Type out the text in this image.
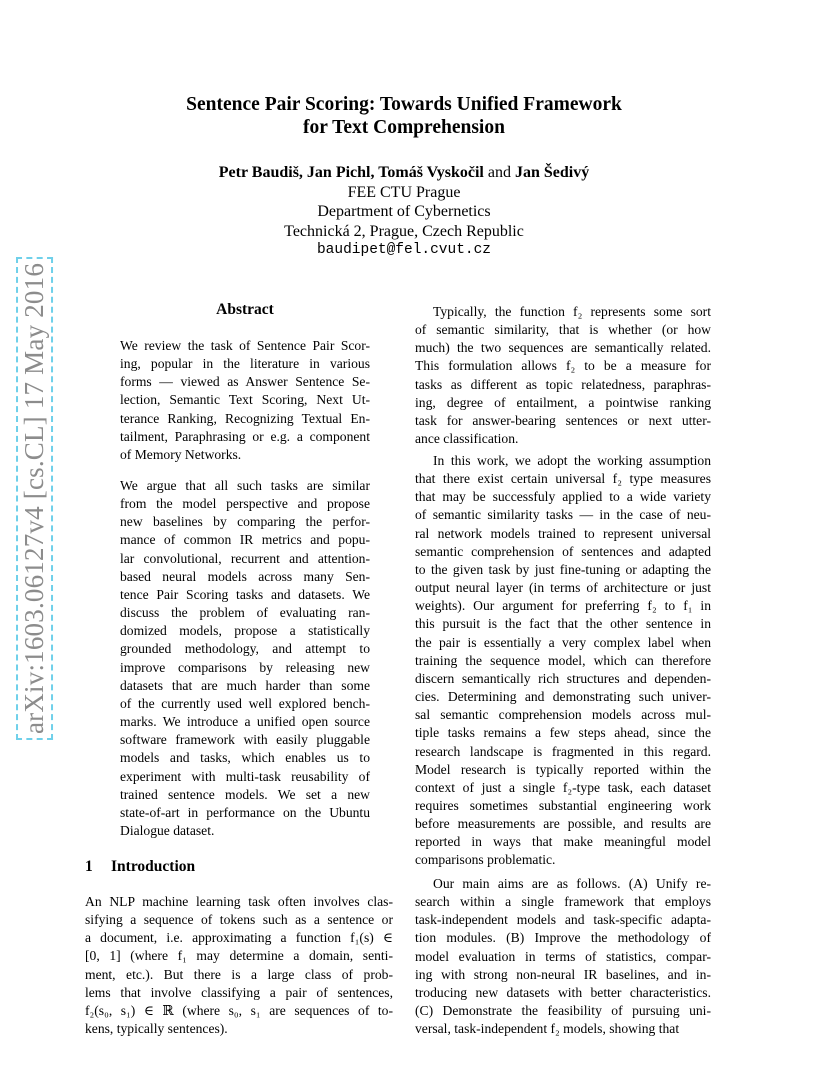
arXiv:1603.06127v4 [cs.CL] 17 May 2016
Sentence Pair Scoring: Towards Unified Framework
for Text Comprehension
Petr Baudiš, Jan Pichl, Tomáš Vyskočil and Jan Šedivý
FEE CTU Prague
Department of Cybernetics
Technická 2, Prague, Czech Republic
baudipet@fel.cvut.cz
Abstract
We review the task of Sentence Pair Scor-
ing, popular in the literature in various
forms — viewed as Answer Sentence Se-
lection, Semantic Text Scoring, Next Ut-
terance Ranking, Recognizing Textual En-
tailment, Paraphrasing or e.g. a component
of Memory Networks.
We argue that all such tasks are similar
from the model perspective and propose
new baselines by comparing the perfor-
mance of common IR metrics and popu-
lar convolutional, recurrent and attention-
based neural models across many Sen-
tence Pair Scoring tasks and datasets. We
discuss the problem of evaluating ran-
domized models, propose a statistically
grounded methodology, and attempt to
improve comparisons by releasing new
datasets that are much harder than some
of the currently used well explored bench-
marks. We introduce a unified open source
software framework with easily pluggable
models and tasks, which enables us to
experiment with multi-task reusability of
trained sentence models. We set a new
state-of-art in performance on the Ubuntu
Dialogue dataset.
1 Introduction
An NLP machine learning task often involves clas-
sifying a sequence of tokens such as a sentence or
a document, i.e. approximating a function f₁(s) ∈
[0, 1] (where f₁ may determine a domain, senti-
ment, etc.). But there is a large class of prob-
lems that involve classifying a pair of sentences,
f₂(s₀, s₁) ∈ ℝ (where s₀, s₁ are sequences of to-
kens, typically sentences).
Typically, the function f₂ represents some sort
of semantic similarity, that is whether (or how
much) the two sequences are semantically related.
This formulation allows f₂ to be a measure for
tasks as different as topic relatedness, paraphras-
ing, degree of entailment, a pointwise ranking
task for answer-bearing sentences or next utter-
ance classification.
In this work, we adopt the working assumption
that there exist certain universal f₂ type measures
that may be successfuly applied to a wide variety
of semantic similarity tasks — in the case of neu-
ral network models trained to represent universal
semantic comprehension of sentences and adapted
to the given task by just fine-tuning or adapting the
output neural layer (in terms of architecture or just
weights). Our argument for preferring f₂ to f₁ in
this pursuit is the fact that the other sentence in
the pair is essentially a very complex label when
training the sequence model, which can therefore
discern semantically rich structures and dependen-
cies. Determining and demonstrating such univer-
sal semantic comprehension models across mul-
tiple tasks remains a few steps ahead, since the
research landscape is fragmented in this regard.
Model research is typically reported within the
context of just a single f₂-type task, each dataset
requires sometimes substantial engineering work
before measurements are possible, and results are
reported in ways that make meaningful model
comparisons problematic.
Our main aims are as follows. (A) Unify re-
search within a single framework that employs
task-independent models and task-specific adapta-
tion modules. (B) Improve the methodology of
model evaluation in terms of statistics, compar-
ing with strong non-neural IR baselines, and in-
troducing new datasets with better characteristics.
(C) Demonstrate the feasibility of pursuing uni-
versal, task-independent f₂ models, showing that
